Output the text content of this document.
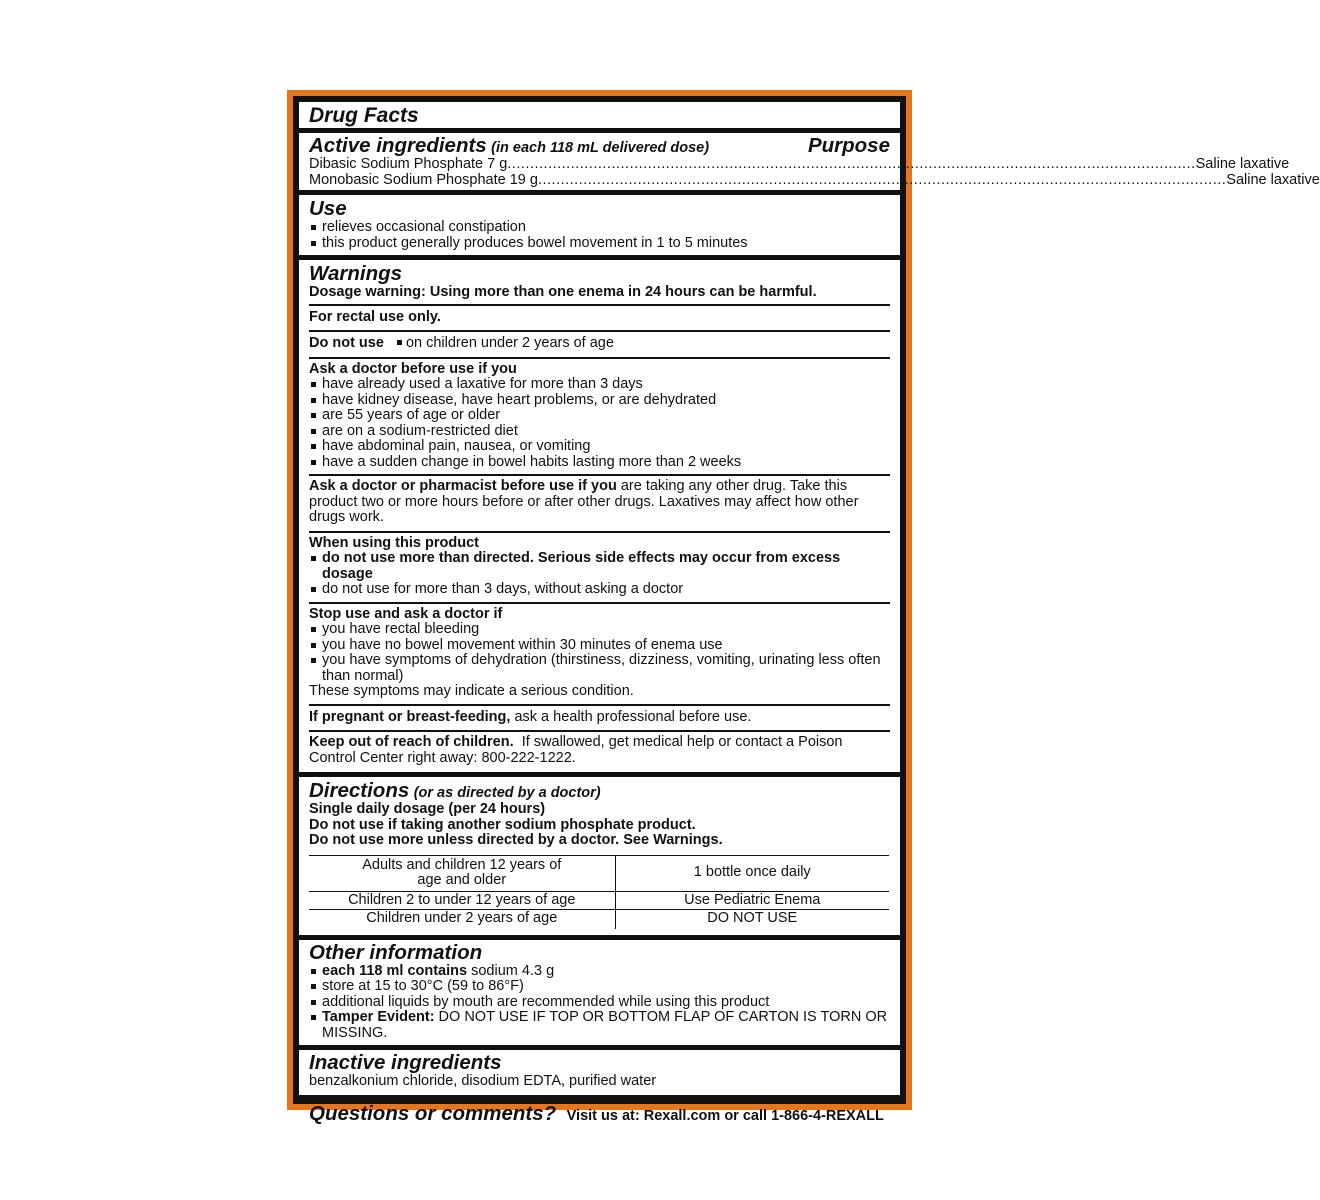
Drug Facts
Active ingredients (in each 118 mL delivered dose)	Purpose
Dibasic Sodium Phosphate 7 g .....	Saline laxative
Monobasic Sodium Phosphate 19 g .....	Saline laxative
Use
relieves occasional constipation
this product generally produces bowel movement in 1 to 5 minutes
Warnings
Dosage warning: Using more than one enema in 24 hours can be harmful.
For rectal use only.
Do not use on children under 2 years of age
Ask a doctor before use if you
have already used a laxative for more than 3 days
have kidney disease, have heart problems, or are dehydrated
are 55 years of age or older
are on a sodium-restricted diet
have abdominal pain, nausea, or vomiting
have a sudden change in bowel habits lasting more than 2 weeks
Ask a doctor or pharmacist before use if you are taking any other drug. Take this product two or more hours before or after other drugs. Laxatives may affect how other drugs work.
When using this product
do not use more than directed. Serious side effects may occur from excess dosage
do not use for more than 3 days, without asking a doctor
Stop use and ask a doctor if
you have rectal bleeding
you have no bowel movement within 30 minutes of enema use
you have symptoms of dehydration (thirstiness, dizziness, vomiting, urinating less often than normal)
These symptoms may indicate a serious condition.
If pregnant or breast-feeding, ask a health professional before use.
Keep out of reach of children.  If swallowed, get medical help or contact a Poison Control Center right away: 800-222-1222.
Directions (or as directed by a doctor)
Single daily dosage (per 24 hours)
Do not use if taking another sodium phosphate product.
Do not use more unless directed by a doctor. See Warnings.
Adults and children 12 years of age and older	1 bottle once daily
Children 2 to under 12 years of age	Use Pediatric Enema
Children under 2 years of age	DO NOT USE
Other information
each 118 ml contains sodium 4.3 g
store at 15 to 30°C (59 to 86°F)
additional liquids by mouth are recommended while using this product
Tamper Evident: DO NOT USE IF TOP OR BOTTOM FLAP OF CARTON IS TORN OR MISSING.
Inactive ingredients
benzalkonium chloride, disodium EDTA, purified water
Questions or comments? Visit us at: Rexall.com or call 1-866-4-REXALL
